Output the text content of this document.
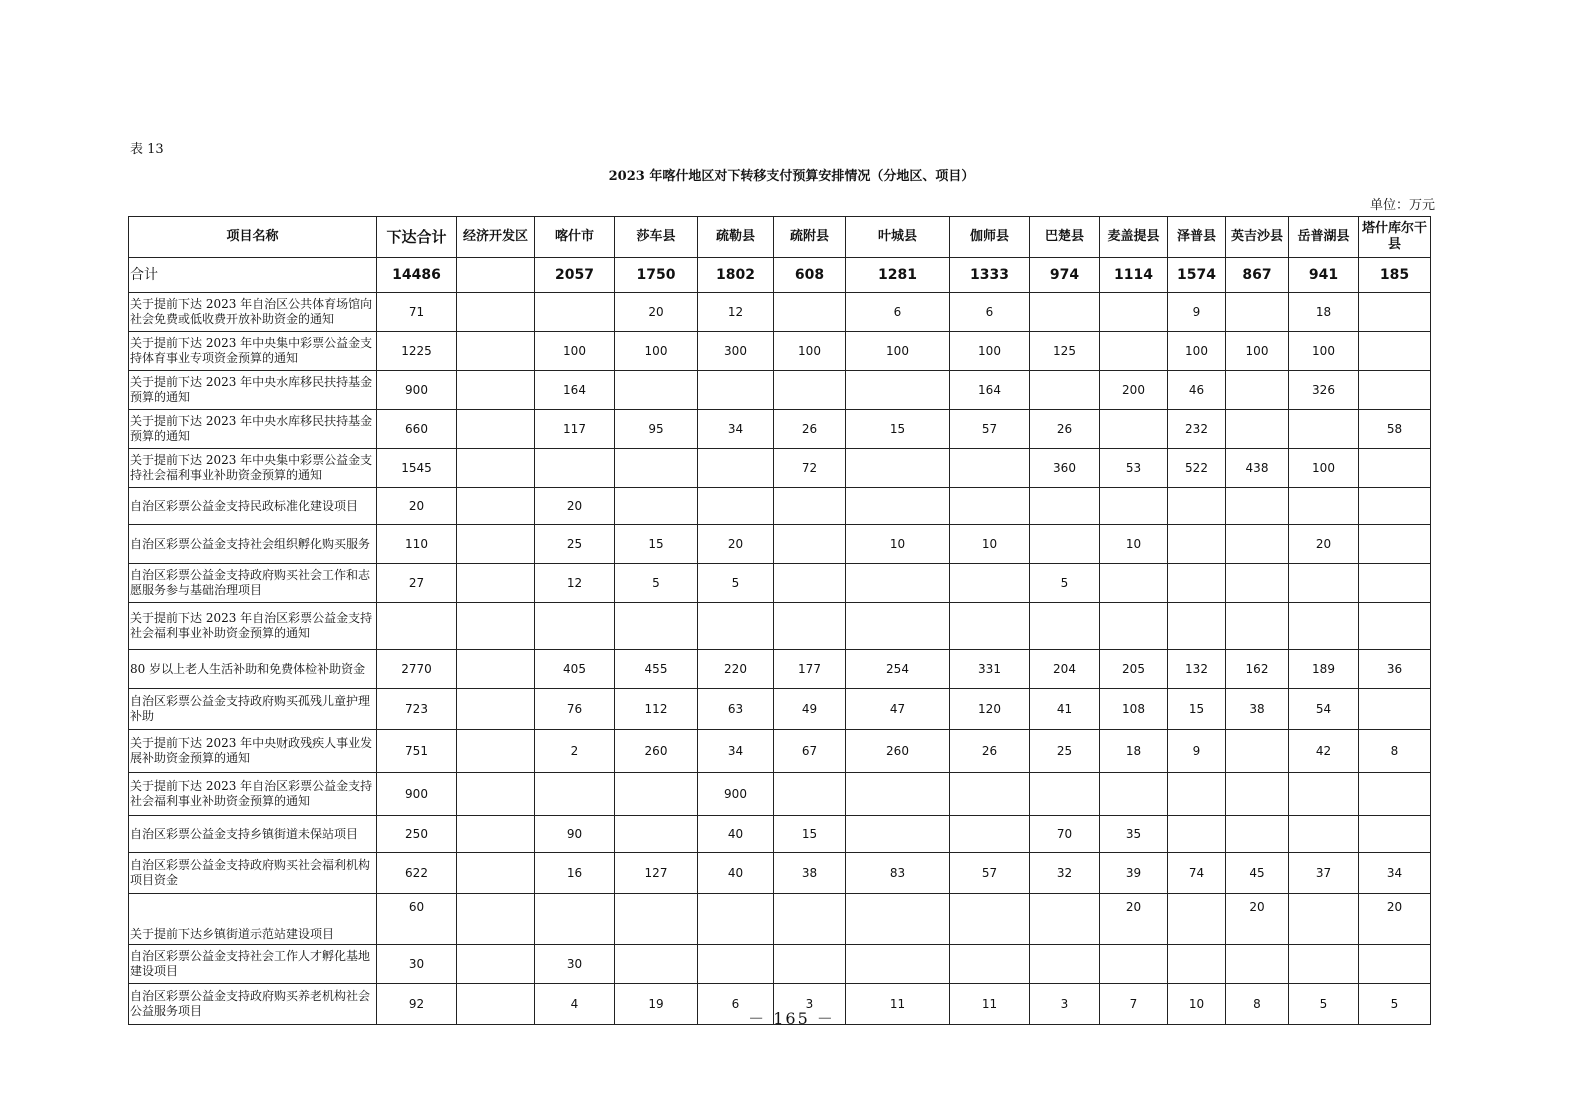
表 13
2023 年喀什地区对下转移支付预算安排情况（分地区、项目）
单位：万元
项目名称	下达合计	经济开发区	喀什市	莎车县	疏勒县	疏附县	叶城县	伽师县	巴楚县	麦盖提县	泽普县	英吉沙县	岳普湖县	塔什库尔干县
合计	14486		2057	1750	1802	608	1281	1333	974	1114	1574	867	941	185
关于提前下达 2023 年自治区公共体育场馆向社会免费或低收费开放补助资金的通知	71			20	12		6	6			9		18	
关于提前下达 2023 年中央集中彩票公益金支持体育事业专项资金预算的通知	1225		100	100	300	100	100	100	125		100	100	100	
关于提前下达 2023 年中央水库移民扶持基金预算的通知	900		164					164		200	46		326	
关于提前下达 2023 年中央水库移民扶持基金预算的通知	660		117	95	34	26	15	57	26		232			58
关于提前下达 2023 年中央集中彩票公益金支持社会福利事业补助资金预算的通知	1545					72			360	53	522	438	100	
自治区彩票公益金支持民政标准化建设项目	20		20											
自治区彩票公益金支持社会组织孵化购买服务	110		25	15	20		10	10		10			20	
自治区彩票公益金支持政府购买社会工作和志愿服务参与基础治理项目	27		12	5	5				5					
关于提前下达 2023 年自治区彩票公益金支持社会福利事业补助资金预算的通知														
80 岁以上老人生活补助和免费体检补助资金	2770		405	455	220	177	254	331	204	205	132	162	189	36
自治区彩票公益金支持政府购买孤残儿童护理补助	723		76	112	63	49	47	120	41	108	15	38	54	
关于提前下达 2023 年中央财政残疾人事业发展补助资金预算的通知	751		2	260	34	67	260	26	25	18	9		42	8
关于提前下达 2023 年自治区彩票公益金支持社会福利事业补助资金预算的通知	900				900									
自治区彩票公益金支持乡镇街道未保站项目	250		90		40	15			70	35				
自治区彩票公益金支持政府购买社会福利机构项目资金	622		16	127	40	38	83	57	32	39	74	45	37	34
关于提前下达乡镇街道示范站建设项目	60									20		20		20
自治区彩票公益金支持社会工作人才孵化基地建设项目	30		30											
自治区彩票公益金支持政府购买养老机构社会公益服务项目	92		4	19	6	3	11	11	3	7	10	8	5	5
－ 165 －
